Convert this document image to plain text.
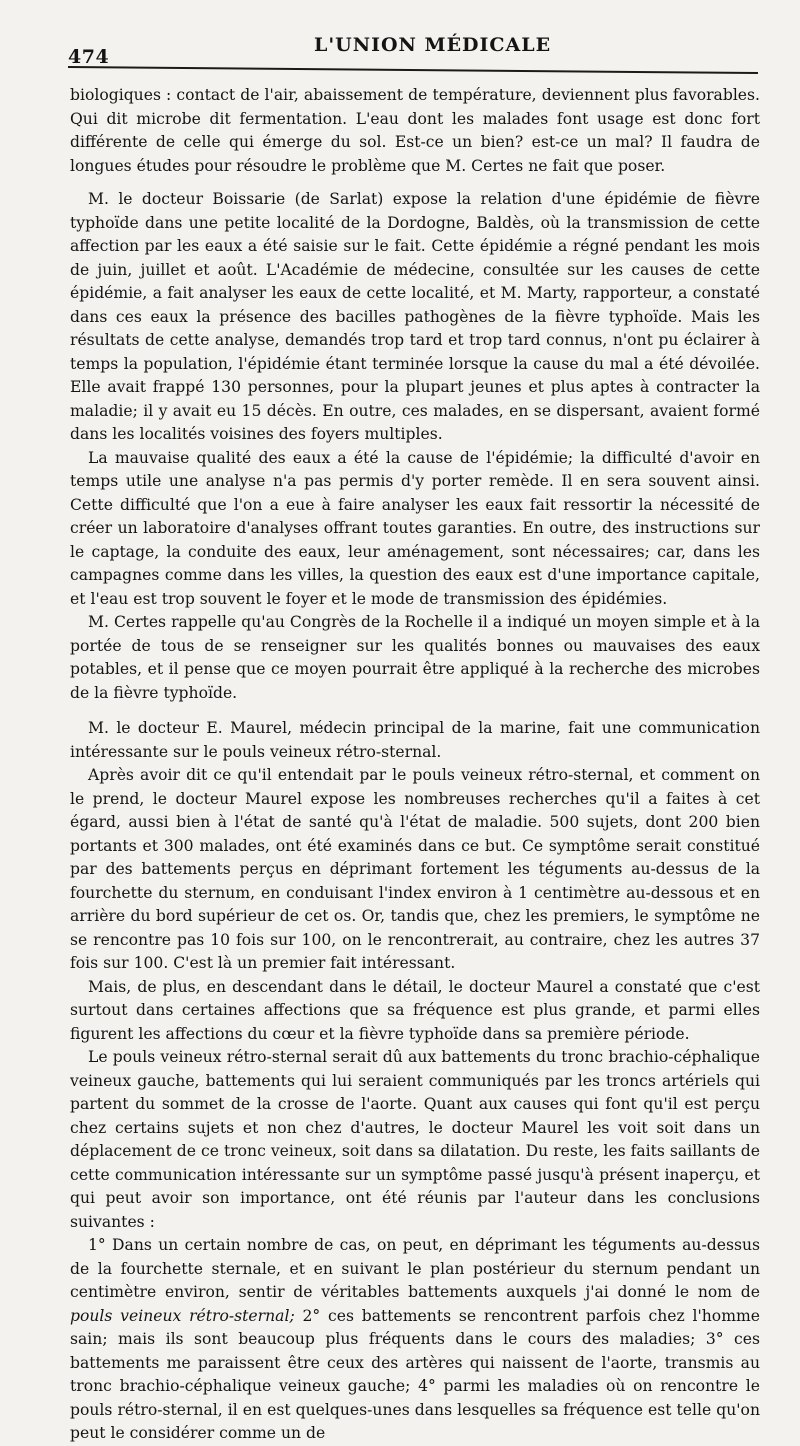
474
L'UNION MÉDICALE

biologiques : contact de l'air, abaissement de température, deviennent plus favorables. Qui dit microbe dit fermentation. L'eau dont les malades font usage est donc fort différente de celle qui émerge du sol. Est-ce un bien? est-ce un mal? Il faudra de longues études pour résoudre le problème que M. Certes ne fait que poser.

M. le docteur Boissarie (de Sarlat) expose la relation d'une épidémie de fièvre typhoïde dans une petite localité de la Dordogne, Baldès, où la transmission de cette affection par les eaux a été saisie sur le fait. Cette épidémie a régné pendant les mois de juin, juillet et août. L'Académie de médecine, consultée sur les causes de cette épidémie, a fait analyser les eaux de cette localité, et M. Marty, rapporteur, a constaté dans ces eaux la présence des bacilles pathogènes de la fièvre typhoïde. Mais les résultats de cette analyse, demandés trop tard et trop tard connus, n'ont pu éclairer à temps la population, l'épidémie étant terminée lorsque la cause du mal a été dévoilée. Elle avait frappé 130 personnes, pour la plupart jeunes et plus aptes à contracter la maladie; il y avait eu 15 décès. En outre, ces malades, en se dispersant, avaient formé dans les localités voisines des foyers multiples.

La mauvaise qualité des eaux a été la cause de l'épidémie; la difficulté d'avoir en temps utile une analyse n'a pas permis d'y porter remède. Il en sera souvent ainsi. Cette difficulté que l'on a eue à faire analyser les eaux fait ressortir la nécessité de créer un laboratoire d'analyses offrant toutes garanties. En outre, des instructions sur le captage, la conduite des eaux, leur aménagement, sont nécessaires; car, dans les campagnes comme dans les villes, la question des eaux est d'une importance capitale, et l'eau est trop souvent le foyer et le mode de transmission des épidémies.

M. Certes rappelle qu'au Congrès de la Rochelle il a indiqué un moyen simple et à la portée de tous de se renseigner sur les qualités bonnes ou mauvaises des eaux potables, et il pense que ce moyen pourrait être appliqué à la recherche des microbes de la fièvre typhoïde.

M. le docteur E. Maurel, médecin principal de la marine, fait une communication intéressante sur le pouls veineux rétro-sternal.

Après avoir dit ce qu'il entendait par le pouls veineux rétro-sternal, et comment on le prend, le docteur Maurel expose les nombreuses recherches qu'il a faites à cet égard, aussi bien à l'état de santé qu'à l'état de maladie. 500 sujets, dont 200 bien portants et 300 malades, ont été examinés dans ce but. Ce symptôme serait constitué par des battements perçus en déprimant fortement les téguments au-dessus de la fourchette du sternum, en conduisant l'index environ à 1 centimètre au-dessous et en arrière du bord supérieur de cet os. Or, tandis que, chez les premiers, le symptôme ne se rencontre pas 10 fois sur 100, on le rencontrerait, au contraire, chez les autres 37 fois sur 100. C'est là un premier fait intéressant.

Mais, de plus, en descendant dans le détail, le docteur Maurel a constaté que c'est surtout dans certaines affections que sa fréquence est plus grande, et parmi elles figurent les affections du cœur et la fièvre typhoïde dans sa première période.

Le pouls veineux rétro-sternal serait dû aux battements du tronc brachio-céphalique veineux gauche, battements qui lui seraient communiqués par les troncs artériels qui partent du sommet de la crosse de l'aorte. Quant aux causes qui font qu'il est perçu chez certains sujets et non chez d'autres, le docteur Maurel les voit soit dans un déplacement de ce tronc veineux, soit dans sa dilatation. Du reste, les faits saillants de cette communication intéressante sur un symptôme passé jusqu'à présent inaperçu, et qui peut avoir son importance, ont été réunis par l'auteur dans les conclusions suivantes :

1° Dans un certain nombre de cas, on peut, en déprimant les téguments au-dessus de la fourchette sternale, et en suivant le plan postérieur du sternum pendant un centimètre environ, sentir de véritables battements auxquels j'ai donné le nom de pouls veineux rétro-sternal; 2° ces battements se rencontrent parfois chez l'homme sain; mais ils sont beaucoup plus fréquents dans le cours des maladies; 3° ces battements me paraissent être ceux des artères qui naissent de l'aorte, transmis au tronc brachio-céphalique veineux gauche; 4° parmi les maladies où on rencontre le pouls rétro-sternal, il en est quelques-unes dans lesquelles sa fréquence est telle qu'on peut le considérer comme un de
